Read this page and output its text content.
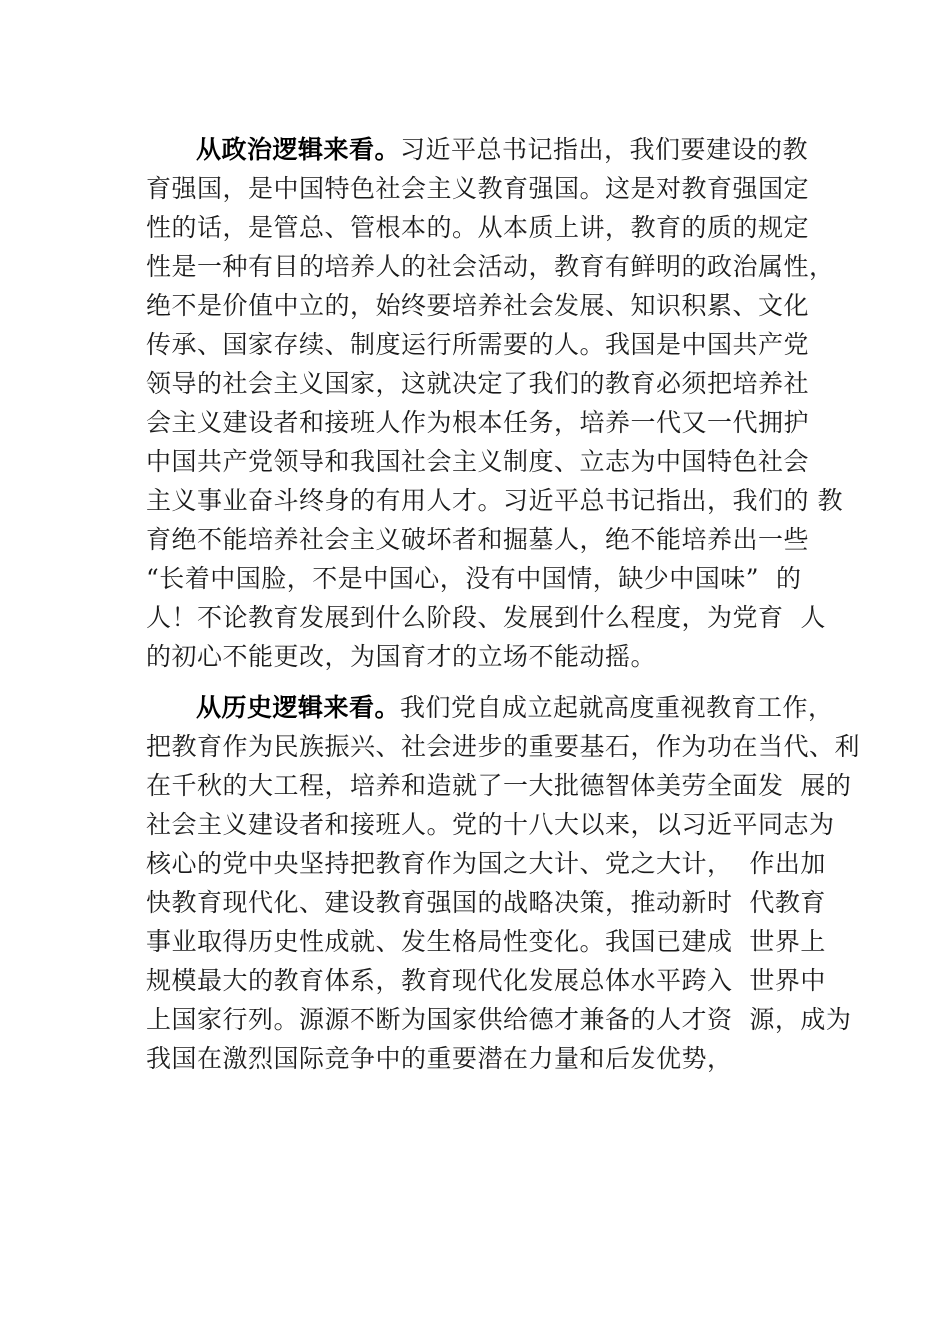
从政治逻辑来看。习近平总书记指出，我们要建设的教
育强国，是中国特色社会主义教育强国。这是对教育强国定
性的话，是管总、管根本的。从本质上讲，教育的质的规定
性是一种有目的培养人的社会活动，教育有鲜明的政治属性，
绝不是价值中立的，始终要培养社会发展、知识积累、文化
传承、国家存续、制度运行所需要的人。我国是中国共产党
领导的社会主义国家，这就决定了我们的教育必须把培养社
会主义建设者和接班人作为根本任务，培养一代又一代拥护
中国共产党领导和我国社会主义制度、立志为中国特色社会
主义事业奋斗终身的有用人才。习近平总书记指出，我们的 教
育绝不能培养社会主义破坏者和掘墓人，绝不能培养出一些
“长着中国脸，不是中国心，没有中国情，缺少中国味”  的
人！不论教育发展到什么阶段、发展到什么程度，为党育  人
的初心不能更改，为国育才的立场不能动摇。
从历史逻辑来看。我们党自成立起就高度重视教育工作，
把教育作为民族振兴、社会进步的重要基石，作为功在当代、利
在千秋的大工程，培养和造就了一大批德智体美劳全面发  展的
社会主义建设者和接班人。党的十八大以来，以习近平同志为
核心的党中央坚持把教育作为国之大计、党之大计，  作出加
快教育现代化、建设教育强国的战略决策，推动新时  代教育
事业取得历史性成就、发生格局性变化。我国已建成  世界上
规模最大的教育体系，教育现代化发展总体水平跨入  世界中
上国家行列。源源不断为国家供给德才兼备的人才资  源，成为
我国在激烈国际竞争中的重要潜在力量和后发优势，
